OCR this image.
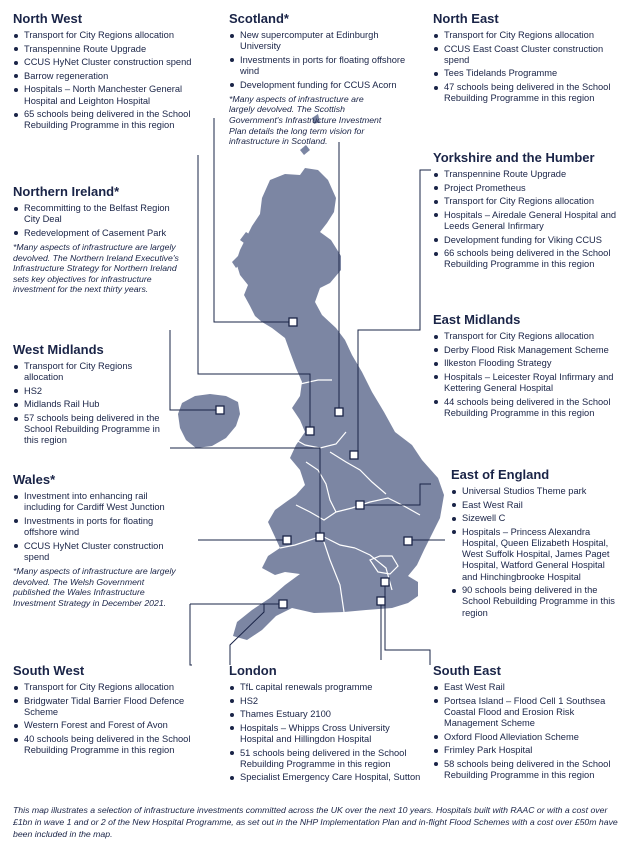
North West
Transport for City Regions allocation
Transpennine Route Upgrade
CCUS HyNet Cluster construction spend
Barrow regeneration
Hospitals – North Manchester General Hospital and Leighton Hospital
65 schools being delivered in the School Rebuilding Programme in this region
Scotland*
New supercomputer at Edinburgh University
Investments in ports for floating offshore wind
Development funding for CCUS Acorn
*Many aspects of infrastructure are largely devolved. The Scottish Government's Infrastructure Investment Plan details the long term vision for infrastructure in Scotland.
North East
Transport for City Regions allocation
CCUS East Coast Cluster construction spend
Tees Tidelands Programme
47 schools being delivered in the School Rebuilding Programme in this region
Yorkshire and the Humber
Transpennine Route Upgrade
Project Prometheus
Transport for City Regions allocation
Hospitals – Airedale General Hospital and Leeds General Infirmary
Development funding for Viking CCUS
66 schools being delivered in the School Rebuilding Programme in this region
Northern Ireland*
Recommitting to the Belfast Region City Deal
Redevelopment of Casement Park
*Many aspects of infrastructure are largely devolved. The Northern Ireland Executive's Infrastructure Strategy for Northern Ireland sets key objectives for infrastructure investment for the next thirty years.
East Midlands
Transport for City Regions allocation
Derby Flood Risk Management Scheme
Ilkeston Flooding Strategy
Hospitals – Leicester Royal Infirmary and Kettering General Hospital
44 schools being delivered in the School Rebuilding Programme in this region
West Midlands
Transport for City Regions allocation
HS2
Midlands Rail Hub
57 schools being delivered in the School Rebuilding Programme in this region
East of England
Universal Studios Theme park
East West Rail
Sizewell C
Hospitals – Princess Alexandra Hospital, Queen Elizabeth Hospital, West Suffolk Hospital, James Paget Hospital, Watford General Hospital and Hinchingbrooke Hospital
90 schools being delivered in the School Rebuilding Programme in this region
Wales*
Investment into enhancing rail including for Cardiff West Junction
Investments in ports for floating offshore wind
CCUS HyNet Cluster construction spend
*Many aspects of infrastructure are largely devolved. The Welsh Government published the Wales Infrastructure Investment Strategy in December 2021.
South West
Transport for City Regions allocation
Bridgwater Tidal Barrier Flood Defence Scheme
Western Forest and Forest of Avon
40 schools being delivered in the School Rebuilding Programme in this region
London
TfL capital renewals programme
HS2
Thames Estuary 2100
Hospitals – Whipps Cross University Hospital and Hillingdon Hospital
51 schools being delivered in the School Rebuilding Programme in this region
Specialist Emergency Care Hospital, Sutton
South East
East West Rail
Portsea Island – Flood Cell 1 Southsea Coastal Flood and Erosion Risk Management Scheme
Oxford Flood Alleviation Scheme
Frimley Park Hospital
58 schools being delivered in the School Rebuilding Programme in this region
This map illustrates a selection of infrastructure investments committed across the UK over the next 10 years. Hospitals built with RAAC or with a cost over £1bn in wave 1 and or 2 of the New Hospital Programme, as set out in the NHP Implementation Plan and in-flight Flood Schemes with a cost over £50m have been included in the map.
